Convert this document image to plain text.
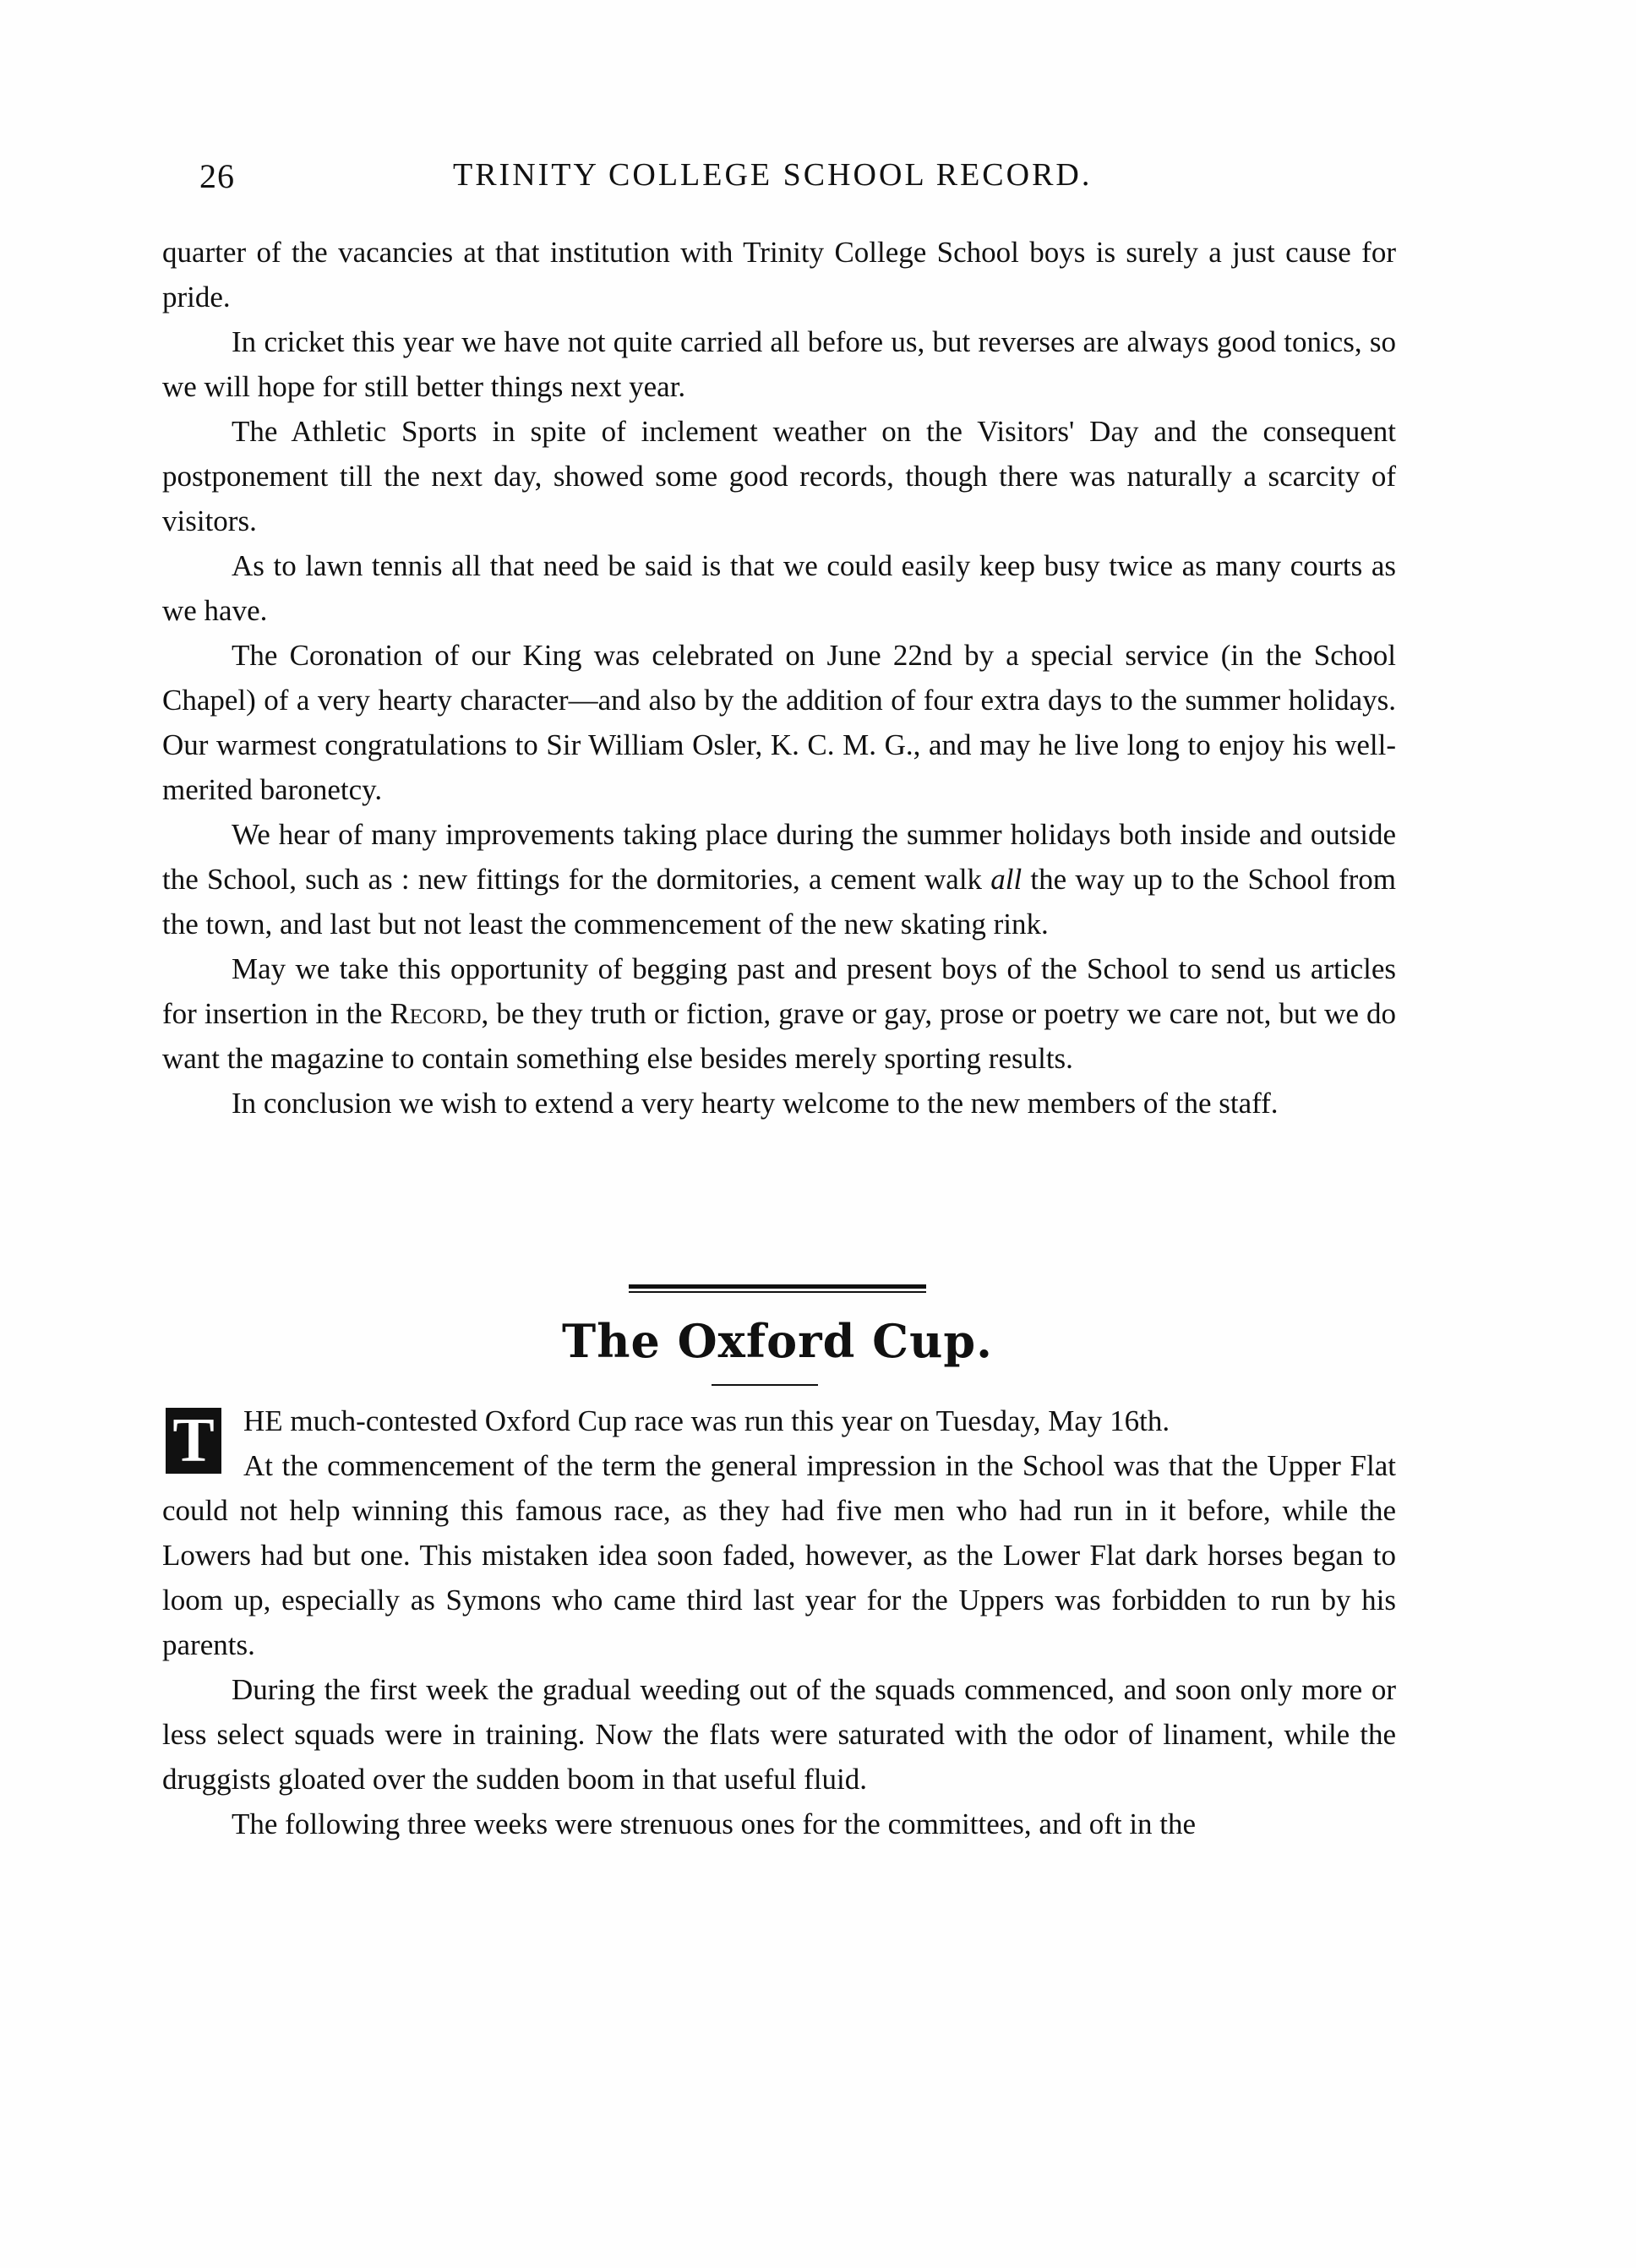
26	TRINITY COLLEGE SCHOOL RECORD.

quarter of the vacancies at that institution with Trinity College School boys is surely a just cause for pride.

In cricket this year we have not quite carried all before us, but reverses are always good tonics, so we will hope for still better things next year.

The Athletic Sports in spite of inclement weather on the Visitors' Day and the consequent postponement till the next day, showed some good records, though there was naturally a scarcity of visitors.

As to lawn tennis all that need be said is that we could easily keep busy twice as many courts as we have.

The Coronation of our King was celebrated on June 22nd by a special service (in the School Chapel) of a very hearty character—and also by the addition of four extra days to the summer holidays. Our warmest congratulations to Sir William Osler, K. C. M. G., and may he live long to enjoy his well-merited baronetcy.

We hear of many improvements taking place during the summer holidays both inside and outside the School, such as : new fittings for the dormitories, a cement walk all the way up to the School from the town, and last but not least the commencement of the new skating rink.

May we take this opportunity of begging past and present boys of the School to send us articles for insertion in the Record, be they truth or fiction, grave or gay, prose or poetry we care not, but we do want the magazine to contain something else besides merely sporting results.

In conclusion we wish to extend a very hearty welcome to the new members of the staff.

The Oxford Cup.
T HE much-contested Oxford Cup race was run this year on Tuesday, May 16th.

At the commencement of the term the general impression in the School was that the Upper Flat could not help winning this famous race, as they had five men who had run in it before, while the Lowers had but one. This mistaken idea soon faded, however, as the Lower Flat dark horses began to loom up, especially as Symons who came third last year for the Uppers was forbidden to run by his parents.

During the first week the gradual weeding out of the squads commenced, and soon only more or less select squads were in training. Now the flats were saturated with the odor of linament, while the druggists gloated over the sudden boom in that useful fluid.

The following three weeks were strenuous ones for the committees, and oft in the
